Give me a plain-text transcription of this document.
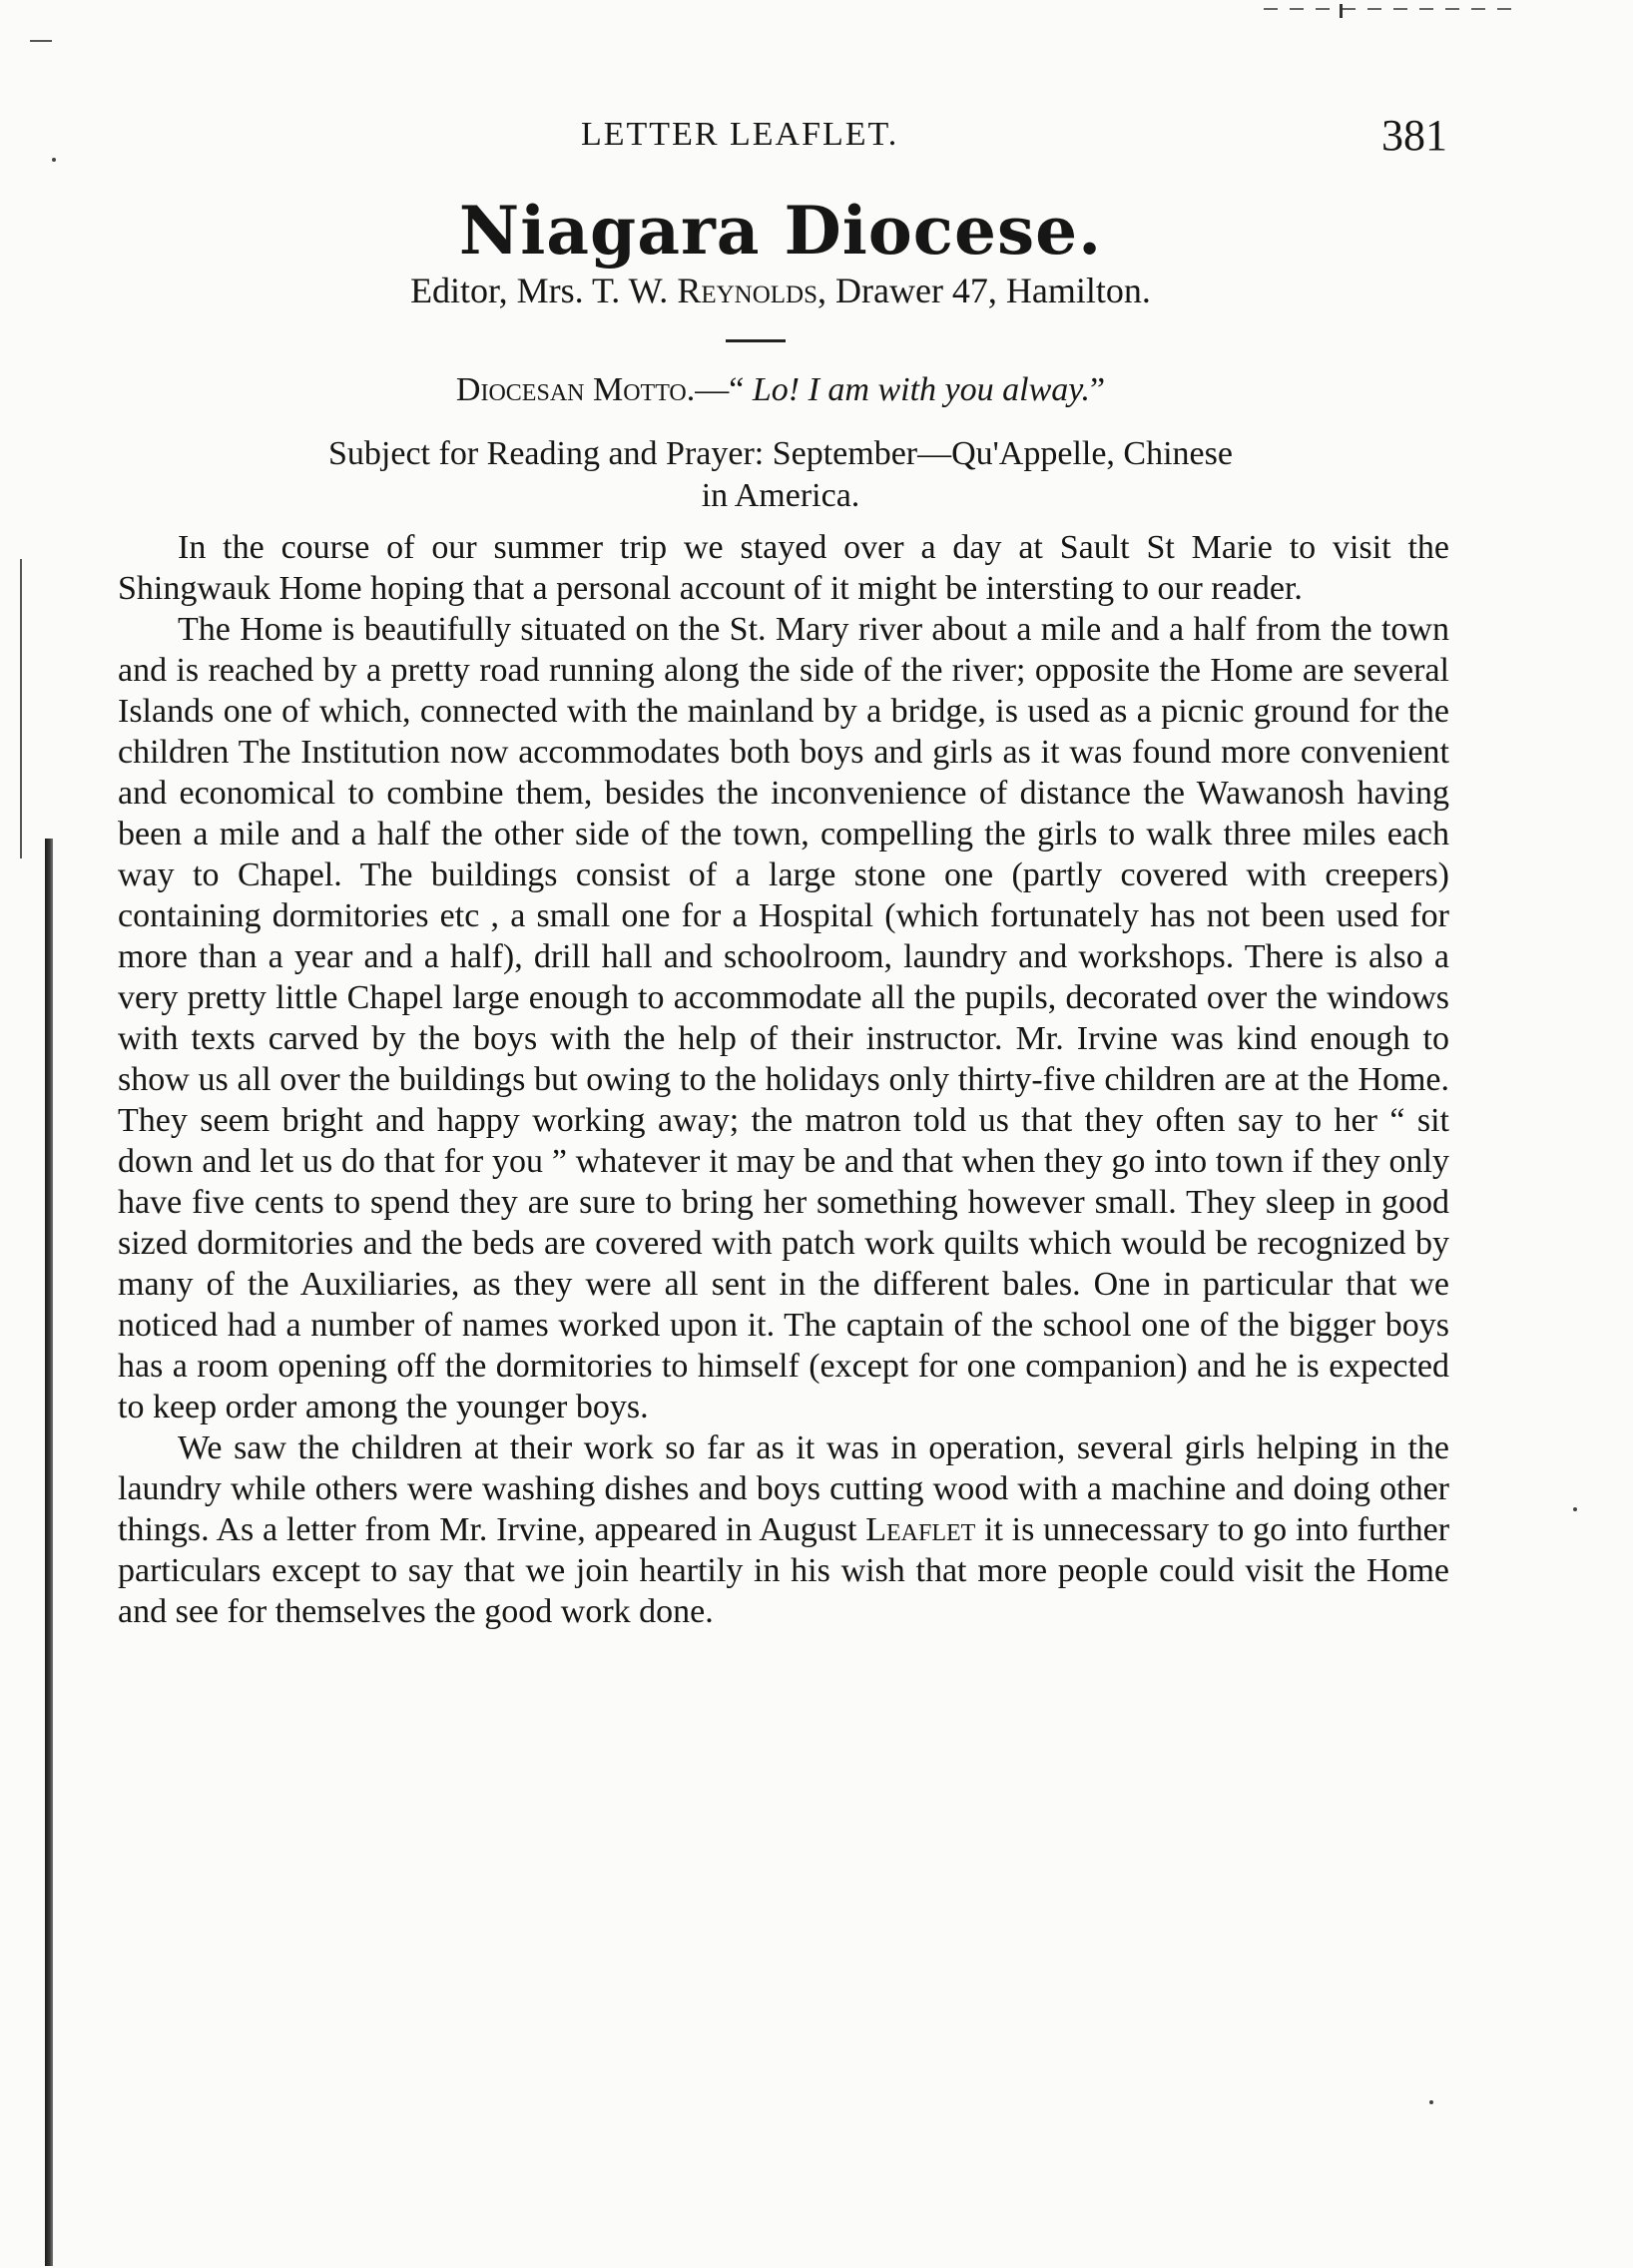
LETTER LEAFLET.	381
Niagara Diocese.
Editor, Mrs. T. W. Reynolds, Drawer 47, Hamilton.
Diocesan Motto.—“ Lo! I am with you alway.”
Subject for Reading and Prayer: September—Qu'Appelle, Chinese
in America.

In the course of our summer trip we stayed over a day at Sault St Marie to visit the Shingwauk Home hoping that a personal account of it might be intersting to our reader.

The Home is beautifully situated on the St. Mary river about a mile and a half from the town and is reached by a pretty road running along the side of the river; opposite the Home are several Islands one of which, connected with the mainland by a bridge, is used as a picnic ground for the children The Institution now accommodates both boys and girls as it was found more convenient and economical to combine them, besides the inconvenience of distance the Wawanosh having been a mile and a half the other side of the town, compelling the girls to walk three miles each way to Chapel. The buildings consist of a large stone one (partly covered with creepers) containing dormitories etc , a small one for a Hospital (which fortunately has not been used for more than a year and a half), drill hall and schoolroom, laundry and workshops. There is also a very pretty little Chapel large enough to accommodate all the pupils, decorated over the windows with texts carved by the boys with the help of their instructor. Mr. Irvine was kind enough to show us all over the buildings but owing to the holidays only thirty-five children are at the Home. They seem bright and happy working away; the matron told us that they often say to her “ sit down and let us do that for you ” whatever it may be and that when they go into town if they only have five cents to spend they are sure to bring her something however small. They sleep in good sized dormitories and the beds are covered with patch work quilts which would be recognized by many of the Auxiliaries, as they were all sent in the different bales. One in particular that we noticed had a number of names worked upon it. The captain of the school one of the bigger boys has a room opening off the dormitories to himself (except for one companion) and he is expected to keep order among the younger boys.

We saw the children at their work so far as it was in operation, several girls helping in the laundry while others were washing dishes and boys cutting wood with a machine and doing other things. As a letter from Mr. Irvine, appeared in August Leaflet it is unnecessary to go into further particulars except to say that we join heartily in his wish that more people could visit the Home and see for themselves the good work done.
